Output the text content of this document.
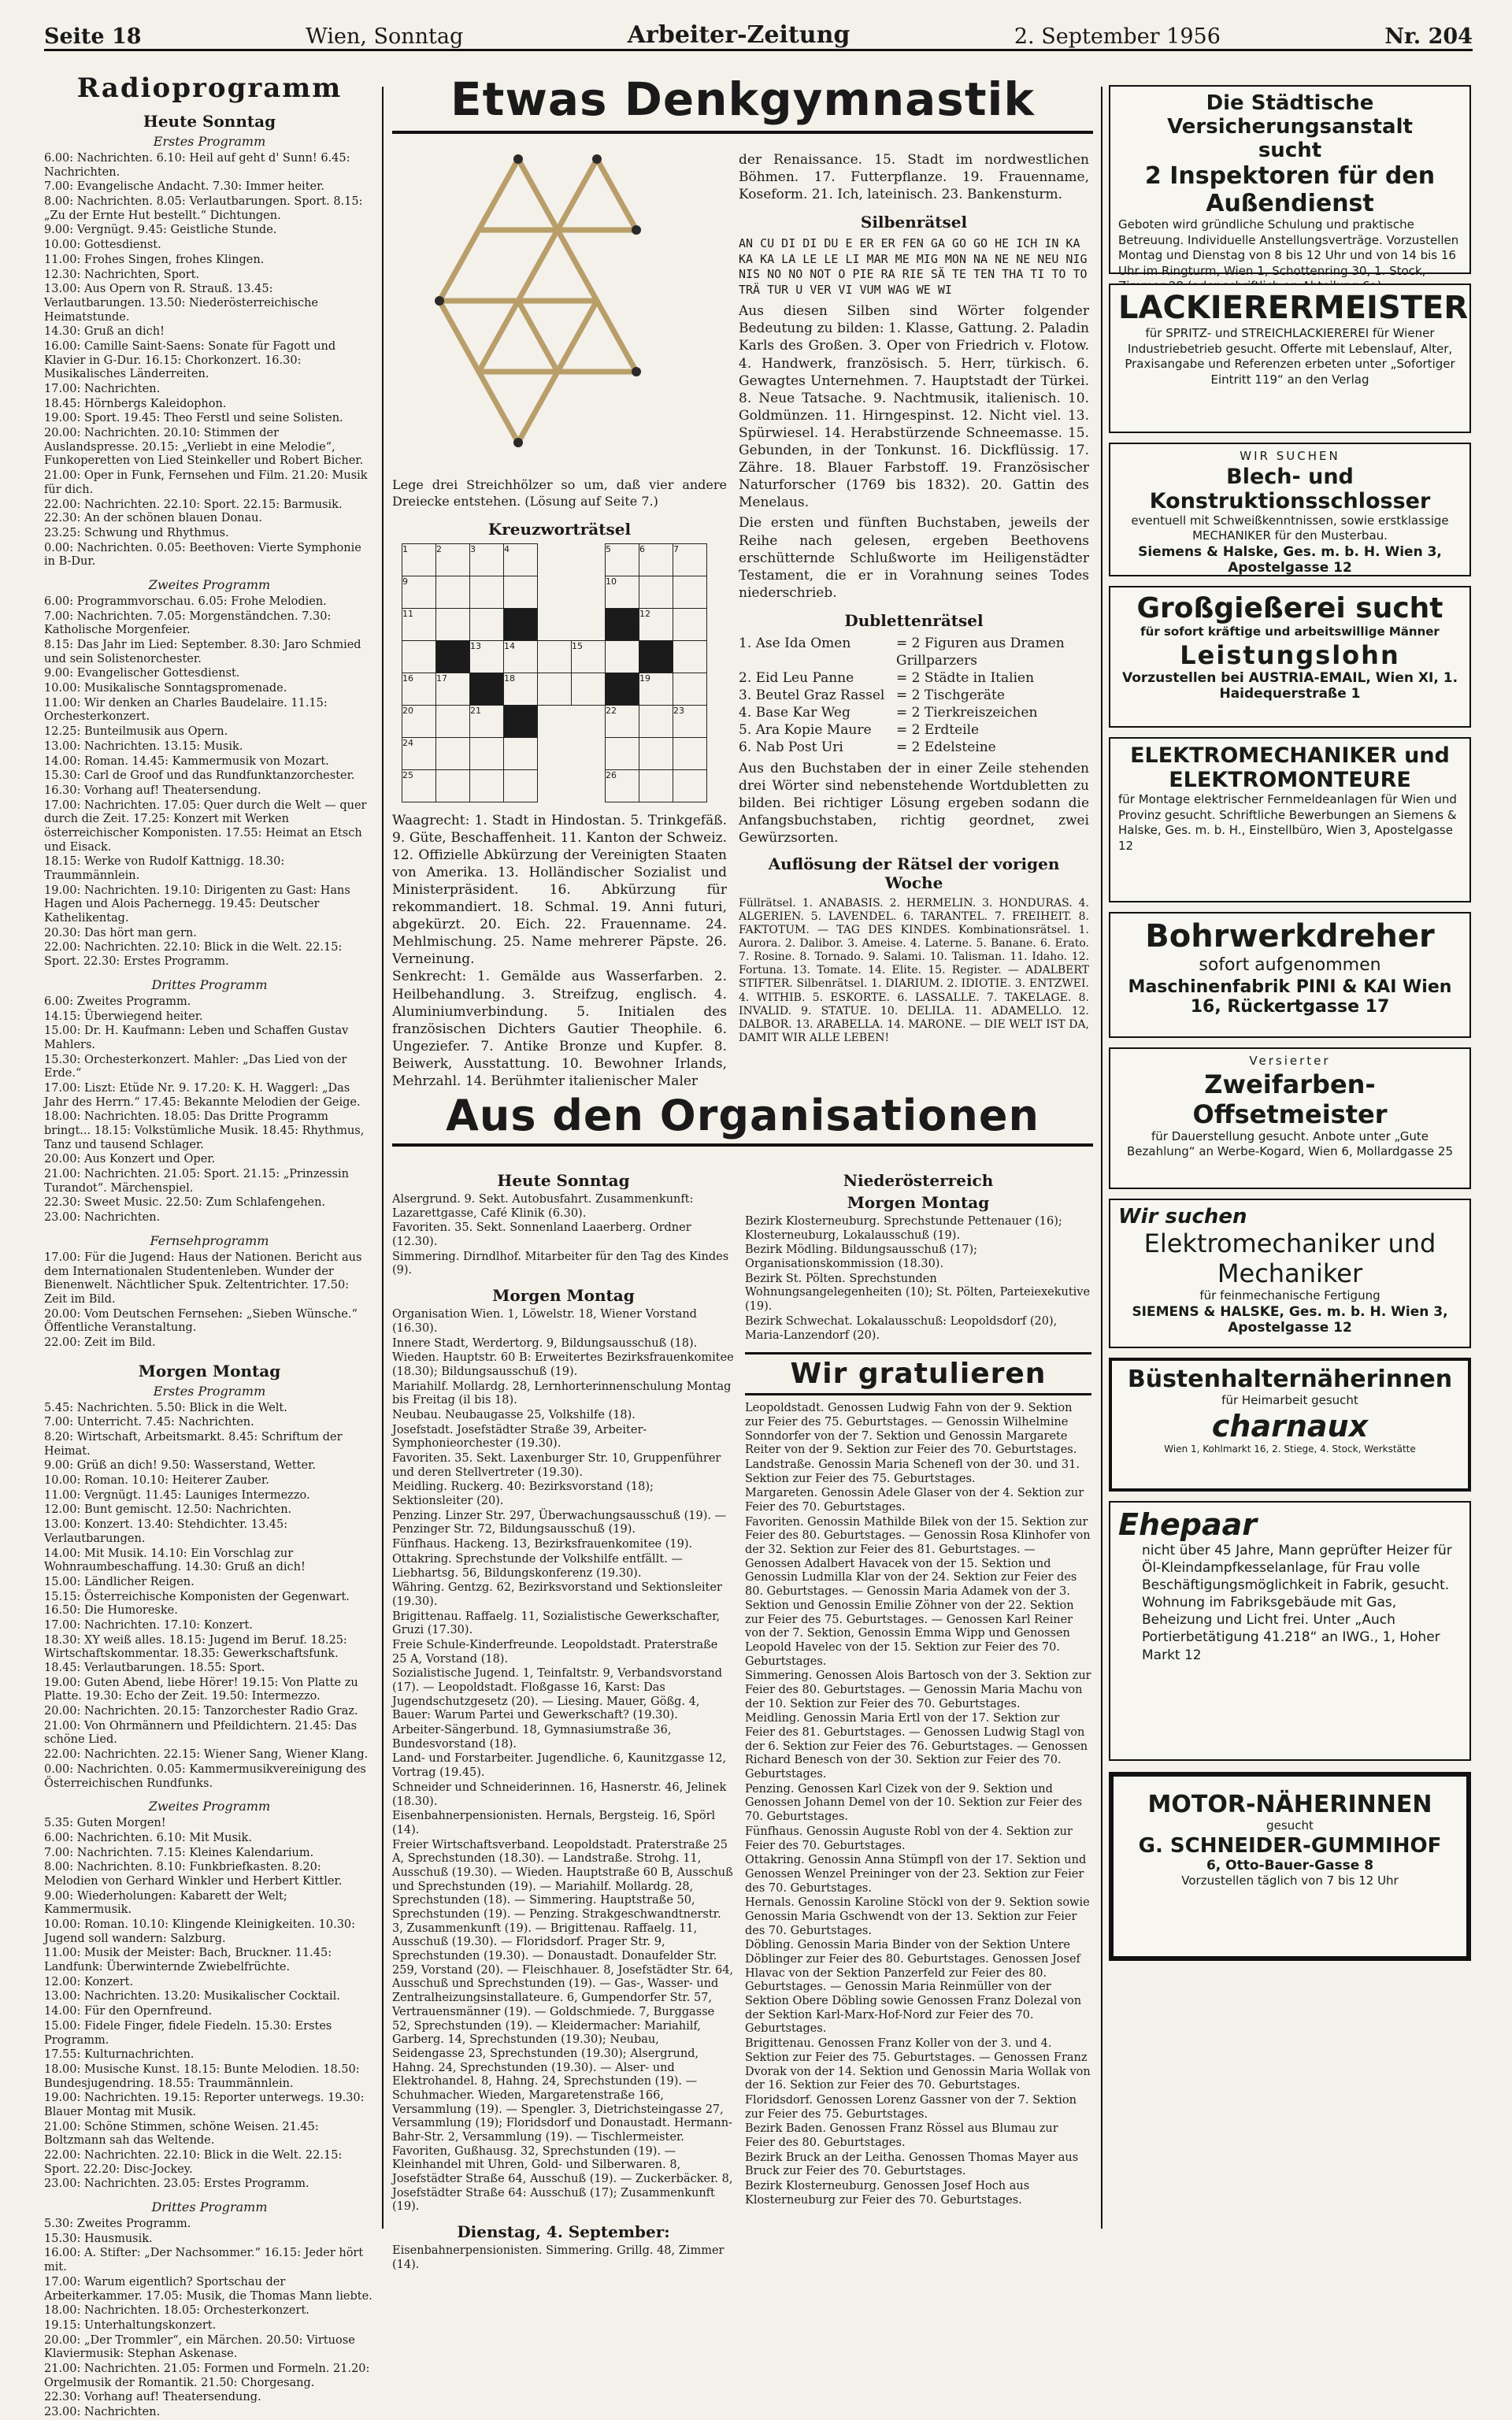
Seite 18	Wien, Sonntag	Arbeiter-Zeitung	2. September 1956	Nr. 204
Radioprogramm
Heute Sonntag
Erstes Programm
6.00: Nachrichten. 6.10: Heil auf geht d' Sunn! 6.45: Nachrichten.
7.00: Evangelische Andacht. 7.30: Immer heiter.
8.00: Nachrichten. 8.05: Verlautbarungen. Sport. 8.15: „Zu der Ernte Hut bestellt.“ Dichtungen.
9.00: Vergnügt. 9.45: Geistliche Stunde.
10.00: Gottesdienst.
11.00: Frohes Singen, frohes Klingen.
12.30: Nachrichten, Sport.
13.00: Aus Opern von R. Strauß. 13.45: Verlautbarungen. 13.50: Niederösterreichische Heimatstunde.
14.30: Gruß an dich!
16.00: Camille Saint-Saens: Sonate für Fagott und Klavier in G-Dur. 16.15: Chorkonzert. 16.30: Musikalisches Länderreiten.
17.00: Nachrichten.
18.45: Hörnbergs Kaleidophon.
19.00: Sport. 19.45: Theo Ferstl und seine Solisten.
20.00: Nachrichten. 20.10: Stimmen der Auslandspresse. 20.15: „Verliebt in eine Melodie“, Funkoperetten von Lied Steinkeller und Robert Bicher.
21.00: Oper in Funk, Fernsehen und Film. 21.20: Musik für dich.
22.00: Nachrichten. 22.10: Sport. 22.15: Barmusik. 22.30: An der schönen blauen Donau.
23.25: Schwung und Rhythmus.
0.00: Nachrichten. 0.05: Beethoven: Vierte Symphonie in B-Dur.
Zweites Programm
6.00: Programmvorschau. 6.05: Frohe Melodien.
7.00: Nachrichten. 7.05: Morgenständchen. 7.30: Katholische Morgenfeier.
8.15: Das Jahr im Lied: September. 8.30: Jaro Schmied und sein Solistenorchester.
9.00: Evangelischer Gottesdienst.
10.00: Musikalische Sonntagspromenade.
11.00: Wir denken an Charles Baudelaire. 11.15: Orchesterkonzert.
12.25: Bunteilmusik aus Opern.
13.00: Nachrichten. 13.15: Musik.
14.00: Roman. 14.45: Kammermusik von Mozart.
15.30: Carl de Groof und das Rundfunktanzorchester.
16.30: Vorhang auf! Theatersendung.
17.00: Nachrichten. 17.05: Quer durch die Welt — quer durch die Zeit. 17.25: Konzert mit Werken österreichischer Komponisten. 17.55: Heimat an Etsch und Eisack.
18.15: Werke von Rudolf Kattnigg. 18.30: Traummännlein.
19.00: Nachrichten. 19.10: Dirigenten zu Gast: Hans Hagen und Alois Pachernegg. 19.45: Deutscher Kathelikentag.
20.30: Das hört man gern.
22.00: Nachrichten. 22.10: Blick in die Welt. 22.15: Sport. 22.30: Erstes Programm.
Drittes Programm
6.00: Zweites Programm.
14.15: Überwiegend heiter.
15.00: Dr. H. Kaufmann: Leben und Schaffen Gustav Mahlers.
15.30: Orchesterkonzert. Mahler: „Das Lied von der Erde.“
17.00: Liszt: Etüde Nr. 9. 17.20: K. H. Waggerl: „Das Jahr des Herrn.“ 17.45: Bekannte Melodien der Geige.
18.00: Nachrichten. 18.05: Das Dritte Programm bringt... 18.15: Volkstümliche Musik. 18.45: Rhythmus, Tanz und tausend Schlager.
20.00: Aus Konzert und Oper.
21.00: Nachrichten. 21.05: Sport. 21.15: „Prinzessin Turandot“. Märchenspiel.
22.30: Sweet Music. 22.50: Zum Schlafengehen.
23.00: Nachrichten.
Fernsehprogramm
17.00: Für die Jugend: Haus der Nationen. Bericht aus dem Internationalen Studentenleben. Wunder der Bienenwelt. Nächtlicher Spuk. Zeltentrichter. 17.50: Zeit im Bild.
20.00: Vom Deutschen Fernsehen: „Sieben Wünsche.“ Öffentliche Veranstaltung.
22.00: Zeit im Bild.
Morgen Montag
Erstes Programm
5.45: Nachrichten. 5.50: Blick in die Welt.
7.00: Unterricht. 7.45: Nachrichten.
8.20: Wirtschaft, Arbeitsmarkt. 8.45: Schriftum der Heimat.
9.00: Grüß an dich! 9.50: Wasserstand, Wetter.
10.00: Roman. 10.10: Heiterer Zauber.
11.00: Vergnügt. 11.45: Launiges Intermezzo.
12.00: Bunt gemischt. 12.50: Nachrichten.
13.00: Konzert. 13.40: Stehdichter. 13.45: Verlautbarungen.
14.00: Mit Musik. 14.10: Ein Vorschlag zur Wohnraumbeschaffung. 14.30: Gruß an dich!
15.00: Ländlicher Reigen.
15.15: Österreichische Komponisten der Gegenwart. 16.50: Die Humoreske.
17.00: Nachrichten. 17.10: Konzert.
18.30: XY weiß alles. 18.15: Jugend im Beruf. 18.25: Wirtschaftskommentar. 18.35: Gewerkschaftsfunk. 18.45: Verlautbarungen. 18.55: Sport.
19.00: Guten Abend, liebe Hörer! 19.15: Von Platte zu Platte. 19.30: Echo der Zeit. 19.50: Intermezzo.
20.00: Nachrichten. 20.15: Tanzorchester Radio Graz.
21.00: Von Ohrmännern und Pfeildichtern. 21.45: Das schöne Lied.
22.00: Nachrichten. 22.15: Wiener Sang, Wiener Klang.
0.00: Nachrichten. 0.05: Kammermusikvereinigung des Österreichischen Rundfunks.
Zweites Programm
5.35: Guten Morgen!
6.00: Nachrichten. 6.10: Mit Musik.
7.00: Nachrichten. 7.15: Kleines Kalendarium.
8.00: Nachrichten. 8.10: Funkbriefkasten. 8.20: Melodien von Gerhard Winkler und Herbert Kittler.
9.00: Wiederholungen: Kabarett der Welt; Kammermusik.
10.00: Roman. 10.10: Klingende Kleinigkeiten. 10.30: Jugend soll wandern: Salzburg.
11.00: Musik der Meister: Bach, Bruckner. 11.45: Landfunk: Überwinternde Zwiebelfrüchte.
12.00: Konzert.
13.00: Nachrichten. 13.20: Musikalischer Cocktail.
14.00: Für den Opernfreund.
15.00: Fidele Finger, fidele Fiedeln. 15.30: Erstes Programm.
17.55: Kulturnachrichten.
18.00: Musische Kunst. 18.15: Bunte Melodien. 18.50: Bundesjugendring. 18.55: Traummännlein.
19.00: Nachrichten. 19.15: Reporter unterwegs. 19.30: Blauer Montag mit Musik.
21.00: Schöne Stimmen, schöne Weisen. 21.45: Boltzmann sah das Weltende.
22.00: Nachrichten. 22.10: Blick in die Welt. 22.15: Sport. 22.20: Disc-Jockey.
23.00: Nachrichten. 23.05: Erstes Programm.
Drittes Programm
5.30: Zweites Programm.
15.30: Hausmusik.
16.00: A. Stifter: „Der Nachsommer.“ 16.15: Jeder hört mit.
17.00: Warum eigentlich? Sportschau der Arbeiterkammer. 17.05: Musik, die Thomas Mann liebte.
18.00: Nachrichten. 18.05: Orchesterkonzert.
19.15: Unterhaltungskonzert.
20.00: „Der Trommler“, ein Märchen. 20.50: Virtuose Klaviermusik: Stephan Askenase.
21.00: Nachrichten. 21.05: Formen und Formeln. 21.20: Orgelmusik der Romantik. 21.50: Chorgesang.
22.30: Vorhang auf! Theatersendung.
23.00: Nachrichten.
Etwas Denkgymnastik
Lege drei Streichhölzer so um, daß vier andere Dreiecke entstehen. (Lösung auf Seite 7.)
Kreuzworträtsel
1	2	3	4			5	6	7
9						10		
11							12	
		13	14		15			
16	17		18				19	
20		21				22		23
24								
25						26		
Waagrecht: 1. Stadt in Hindostan. 5. Trinkgefäß. 9. Güte, Beschaffenheit. 11. Kanton der Schweiz. 12. Offizielle Abkürzung der Vereinigten Staaten von Amerika. 13. Holländischer Sozialist und Ministerpräsident. 16. Abkürzung für rekommandiert. 18. Schmal. 19. Anni futuri, abgekürzt. 20. Eich. 22. Frauenname. 24. Mehlmischung. 25. Name mehrerer Päpste. 26. Verneinung.
Senkrecht: 1. Gemälde aus Wasserfarben. 2. Heilbehandlung. 3. Streifzug, englisch. 4. Aluminiumverbindung. 5. Initialen des französischen Dichters Gautier Theophile. 6. Ungeziefer. 7. Antike Bronze und Kupfer. 8. Beiwerk, Ausstattung. 10. Bewohner Irlands, Mehrzahl. 14. Berühmter italienischer Maler
der Renaissance. 15. Stadt im nordwestlichen Böhmen. 17. Futterpflanze. 19. Frauenname, Koseform. 21. Ich, lateinisch. 23. Bankensturm.
Silbenrätsel
AN CU DI DI DU E ER ER FEN GA GO GO HE ICH IN KA KA KA LA LE LE LI MAR ME MIG MON NA NE NE NEU NIG NIS NO NO NOT O PIE RA RIE SÄ TE TEN THA TI TO TO TRÄ TUR U VER VI VUM WAG WE WI
Aus diesen Silben sind Wörter folgender Bedeutung zu bilden: 1. Klasse, Gattung. 2. Paladin Karls des Großen. 3. Oper von Friedrich v. Flotow. 4. Handwerk, französisch. 5. Herr, türkisch. 6. Gewagtes Unternehmen. 7. Hauptstadt der Türkei. 8. Neue Tatsache. 9. Nachtmusik, italienisch. 10. Goldmünzen. 11. Hirngespinst. 12. Nicht viel. 13. Spürwiesel. 14. Herabstürzende Schneemasse. 15. Gebunden, in der Tonkunst. 16. Dickflüssig. 17. Zähre. 18. Blauer Farbstoff. 19. Französischer Naturforscher (1769 bis 1832). 20. Gattin des Menelaus.
Die ersten und fünften Buchstaben, jeweils der Reihe nach gelesen, ergeben Beethovens erschütternde Schlußworte im Heiligenstädter Testament, die er in Vorahnung seines Todes niederschrieb.
Dublettenrätsel
1. Ase Ida Omen	= 2 Figuren aus Dramen Grillparzers
2. Eid Leu Panne	= 2 Städte in Italien
3. Beutel Graz Rassel = 2 Tischgeräte
4. Base Kar Weg	= 2 Tierkreiszeichen
5. Ara Kopie Maure	= 2 Erdteile
6. Nab Post Uri	= 2 Edelsteine
Aus den Buchstaben der in einer Zeile stehenden drei Wörter sind nebenstehende Wortdubletten zu bilden. Bei richtiger Lösung ergeben sodann die Anfangsbuchstaben, richtig geordnet, zwei Gewürzsorten.
Auflösung der Rätsel der vorigen Woche
Füllrätsel. 1. ANABASIS. 2. HERMELIN. 3. HONDURAS. 4. ALGERIEN. 5. LAVENDEL. 6. TARANTEL. 7. FREIHEIT. 8. FAKTOTUM. — TAG DES KINDES. Kombinationsrätsel. 1. Aurora. 2. Dalibor. 3. Ameise. 4. Laterne. 5. Banane. 6. Erato. 7. Rosine. 8. Tornado. 9. Salami. 10. Talisman. 11. Idaho. 12. Fortuna. 13. Tomate. 14. Elite. 15. Register. — ADALBERT STIFTER. Silbenrätsel. 1. DIARIUM. 2. IDIOTIE. 3. ENTZWEI. 4. WITHIB. 5. ESKORTE. 6. LASSALLE. 7. TAKELAGE. 8. INVALID. 9. STATUE. 10. DELILA. 11. ADAMELLO. 12. DALBOR. 13. ARABELLA. 14. MARONE. — DIE WELT IST DA, DAMIT WIR ALLE LEBEN!
Aus den Organisationen
Heute Sonntag
Alsergrund. 9. Sekt. Autobusfahrt. Zusammenkunft: Lazarettgasse, Café Klinik (6.30).
Favoriten. 35. Sekt. Sonnenland Laaerberg. Ordner (12.30).
Simmering. Dirndlhof. Mitarbeiter für den Tag des Kindes (9).
Morgen Montag
Organisation Wien. 1, Löwelstr. 18, Wiener Vorstand (16.30).
Innere Stadt, Werdertorg. 9, Bildungsausschuß (18).
Wieden. Hauptstr. 60 B: Erweitertes Bezirksfrauenkomitee (18.30); Bildungsausschuß (19).
Mariahilf. Mollardg. 28, Lernhorterinnenschulung Montag bis Freitag (il bis 18).
Neubau. Neubaugasse 25, Volkshilfe (18).
Josefstadt. Josefstädter Straße 39, Arbeiter-Symphonieorchester (19.30).
Favoriten. 35. Sekt. Laxenburger Str. 10, Gruppenführer und deren Stellvertreter (19.30).
Meidling. Ruckerg. 40: Bezirksvorstand (18); Sektionsleiter (20).
Penzing. Linzer Str. 297, Überwachungsausschuß (19). — Penzinger Str. 72, Bildungsausschuß (19).
Fünfhaus. Hackeng. 13, Bezirksfrauenkomitee (19).
Ottakring. Sprechstunde der Volkshilfe entfällt. — Liebhartsg. 56, Bildungskonferenz (19.30).
Währing. Gentzg. 62, Bezirksvorstand und Sektionsleiter (19.30).
Brigittenau. Raffaelg. 11, Sozialistische Gewerkschafter, Gruzi (17.30).
Freie Schule-Kinderfreunde. Leopoldstadt. Praterstraße 25 A, Vorstand (18).
Sozialistische Jugend. 1, Teinfaltstr. 9, Verbandsvorstand (17). — Leopoldstadt. Floßgasse 16, Karst: Das Jugendschutzgesetz (20). — Liesing. Mauer, Gößg. 4, Bauer: Warum Partei und Gewerkschaft? (19.30).
Arbeiter-Sängerbund. 18, Gymnasiumstraße 36, Bundesvorstand (18).
Land- und Forstarbeiter. Jugendliche. 6, Kaunitzgasse 12, Vortrag (19.45).
Schneider und Schneiderinnen. 16, Hasnerstr. 46, Jelinek (18.30).
Eisenbahnerpensionisten. Hernals, Bergsteig. 16, Spörl (14).
Freier Wirtschaftsverband. Leopoldstadt. Praterstraße 25 A, Sprechstunden (18.30). — Landstraße. Strohg. 11, Ausschuß (19.30). — Wieden. Hauptstraße 60 B, Ausschuß und Sprechstunden (19). — Mariahilf. Mollardg. 28, Sprechstunden (18). — Simmering. Hauptstraße 50, Sprechstunden (19). — Penzing. Strakgeschwandtnerstr. 3, Zusammenkunft (19). — Brigittenau. Raffaelg. 11, Ausschuß (19.30). — Floridsdorf. Prager Str. 9, Sprechstunden (19.30). — Donaustadt. Donaufelder Str. 259, Vorstand (20). — Fleischhauer. 8, Josefstädter Str. 64, Ausschuß und Sprechstunden (19). — Gas-, Wasser- und Zentralheizungsinstallateure. 6, Gumpendorfer Str. 57, Vertrauensmänner (19). — Goldschmiede. 7, Burggasse 52, Sprechstunden (19). — Kleidermacher: Mariahilf, Garberg. 14, Sprechstunden (19.30); Neubau, Seidengasse 23, Sprechstunden (19.30); Alsergrund, Hahng. 24, Sprechstunden (19.30). — Alser- und Elektrohandel. 8, Hahng. 24, Sprechstunden (19). — Schuhmacher. Wieden, Margaretenstraße 166, Versammlung (19). — Spengler. 3, Dietrichsteingasse 27, Versammlung (19); Floridsdorf und Donaustadt. Hermann-Bahr-Str. 2, Versammlung (19). — Tischlermeister. Favoriten, Gußhausg. 32, Sprechstunden (19). — Kleinhandel mit Uhren, Gold- und Silberwaren. 8, Josefstädter Straße 64, Ausschuß (19). — Zuckerbäcker. 8, Josefstädter Straße 64: Ausschuß (17); Zusammenkunft (19).
Dienstag, 4. September:
Eisenbahnerpensionisten. Simmering. Grillg. 48, Zimmer (14).
Niederösterreich
Morgen Montag
Bezirk Klosterneuburg. Sprechstunde Pettenauer (16); Klosterneuburg, Lokalausschuß (19).
Bezirk Mödling. Bildungsausschuß (17); Organisationskommission (18.30).
Bezirk St. Pölten. Sprechstunden Wohnungsangelegenheiten (10); St. Pölten, Parteiexekutive (19).
Bezirk Schwechat. Lokalausschuß: Leopoldsdorf (20), Maria-Lanzendorf (20).
Wir gratulieren
Leopoldstadt. Genossen Ludwig Fahn von der 9. Sektion zur Feier des 75. Geburtstages. — Genossin Wilhelmine Sonndorfer von der 7. Sektion und Genossin Margarete Reiter von der 9. Sektion zur Feier des 70. Geburtstages.
Landstraße. Genossin Maria Schenefl von der 30. und 31. Sektion zur Feier des 75. Geburtstages.
Margareten. Genossin Adele Glaser von der 4. Sektion zur Feier des 70. Geburtstages.
Favoriten. Genossin Mathilde Bilek von der 15. Sektion zur Feier des 80. Geburtstages. — Genossin Rosa Klinhofer von der 32. Sektion zur Feier des 81. Geburtstages. — Genossen Adalbert Havacek von der 15. Sektion und Genossin Ludmilla Klar von der 24. Sektion zur Feier des 80. Geburtstages. — Genossin Maria Adamek von der 3. Sektion und Genossin Emilie Zöhner von der 22. Sektion zur Feier des 75. Geburtstages. — Genossen Karl Reiner von der 7. Sektion, Genossin Emma Wipp und Genossen Leopold Havelec von der 15. Sektion zur Feier des 70. Geburtstages.
Simmering. Genossen Alois Bartosch von der 3. Sektion zur Feier des 80. Geburtstages. — Genossin Maria Machu von der 10. Sektion zur Feier des 70. Geburtstages.
Meidling. Genossin Maria Ertl von der 17. Sektion zur Feier des 81. Geburtstages. — Genossen Ludwig Stagl von der 6. Sektion zur Feier des 76. Geburtstages. — Genossen Richard Benesch von der 30. Sektion zur Feier des 70. Geburtstages.
Penzing. Genossen Karl Cizek von der 9. Sektion und Genossen Johann Demel von der 10. Sektion zur Feier des 70. Geburtstages.
Fünfhaus. Genossin Auguste Robl von der 4. Sektion zur Feier des 70. Geburtstages.
Ottakring. Genossin Anna Stümpfl von der 17. Sektion und Genossen Wenzel Preininger von der 23. Sektion zur Feier des 70. Geburtstages.
Hernals. Genossin Karoline Stöckl von der 9. Sektion sowie Genossin Maria Gschwendt von der 13. Sektion zur Feier des 70. Geburtstages.
Döbling. Genossin Maria Binder von der Sektion Untere Döblinger zur Feier des 80. Geburtstages. Genossen Josef Hlavac von der Sektion Panzerfeld zur Feier des 80. Geburtstages. — Genossin Maria Reinmüller von der Sektion Obere Döbling sowie Genossen Franz Dolezal von der Sektion Karl-Marx-Hof-Nord zur Feier des 70. Geburtstages.
Brigittenau. Genossen Franz Koller von der 3. und 4. Sektion zur Feier des 75. Geburtstages. — Genossen Franz Dvorak von der 14. Sektion und Genossin Maria Wollak von der 16. Sektion zur Feier des 70. Geburtstages.
Floridsdorf. Genossen Lorenz Gassner von der 7. Sektion zur Feier des 75. Geburtstages.
Bezirk Baden. Genossen Franz Rössel aus Blumau zur Feier des 80. Geburtstages.
Bezirk Bruck an der Leitha. Genossen Thomas Mayer aus Bruck zur Feier des 70. Geburtstages.
Bezirk Klosterneuburg. Genossen Josef Hoch aus Klosterneuburg zur Feier des 70. Geburtstages.
Die Städtische Versicherungsanstalt
sucht
2 Inspektoren für den Außendienst
Geboten wird gründliche Schulung und praktische Betreuung. Individuelle Anstellungsverträge. Vorzustellen Montag und Dienstag von 8 bis 12 Uhr und von 14 bis 16 Uhr im Ringturm, Wien 1, Schottenring 30, 1. Stock,
LACKIERERMEISTER
für SPRITZ- und STREICHLACKIEREREI für Wiener Industriebetrieb gesucht. Offerte mit Lebenslauf, Alter, Praxisangabe und Referenzen erbeten unter „Sofortiger Eintritt 119“ an den Verlag
WIR SUCHEN
Blech- und Konstruktionsschlosser
eventuell mit Schweißkenntnissen, sowie erstklassige MECHANIKER für den Musterbau.
Siemens & Halske, Ges. m. b. H. Wien 3, Apostelgasse 12
Großgießerei sucht
für sofort kräftige und arbeitswillige Männer
Leistungslohn
Vorzustellen bei AUSTRIA-EMAIL, Wien XI, 1. Haidequerstraße 1
ELEKTROMECHANIKER und ELEKTROMONTEURE
für Montage elektrischer Fernmeldeanlagen für Wien und Provinz gesucht. Schriftliche Bewerbungen an Siemens & Halske, Ges. m. b. H., Einstellbüro, Wien 3, Apostelgasse 12
Bohrwerkdreher
sofort aufgenommen
Maschinenfabrik PINI & KAI Wien 16, Rückertgasse 17
Versierter
Zweifarben-Offsetmeister
für Dauerstellung gesucht. Anbote unter „Gute Bezahlung“ an Werbe-Kogard, Wien 6, Mollardgasse 25
Wir suchen
Elektromechaniker und Mechaniker
für feinmechanische Fertigung
SIEMENS & HALSKE, Ges. m. b. H. Wien 3, Apostelgasse 12
Büstenhalternäherinnen
für Heimarbeit gesucht
charnaux
Wien 1, Kohlmarkt 16, 2. Stiege, 4. Stock, Werkstätte
Ehepaar
nicht über 45 Jahre, Mann geprüfter Heizer für Öl-Kleindampfkesselanlage, für Frau volle Beschäftigungsmöglichkeit in Fabrik, gesucht. Wohnung im Fabriksgebäude mit Gas, Beheizung und Licht frei. Unter „Auch Portierbetätigung 41.218“ an IWG., 1, Hoher Markt 12
MOTOR-NÄHERINNEN
gesucht
G. SCHNEIDER-GUMMIHOF
6, Otto-Bauer-Gasse 8
Vorzustellen täglich von 7 bis 12 Uhr
